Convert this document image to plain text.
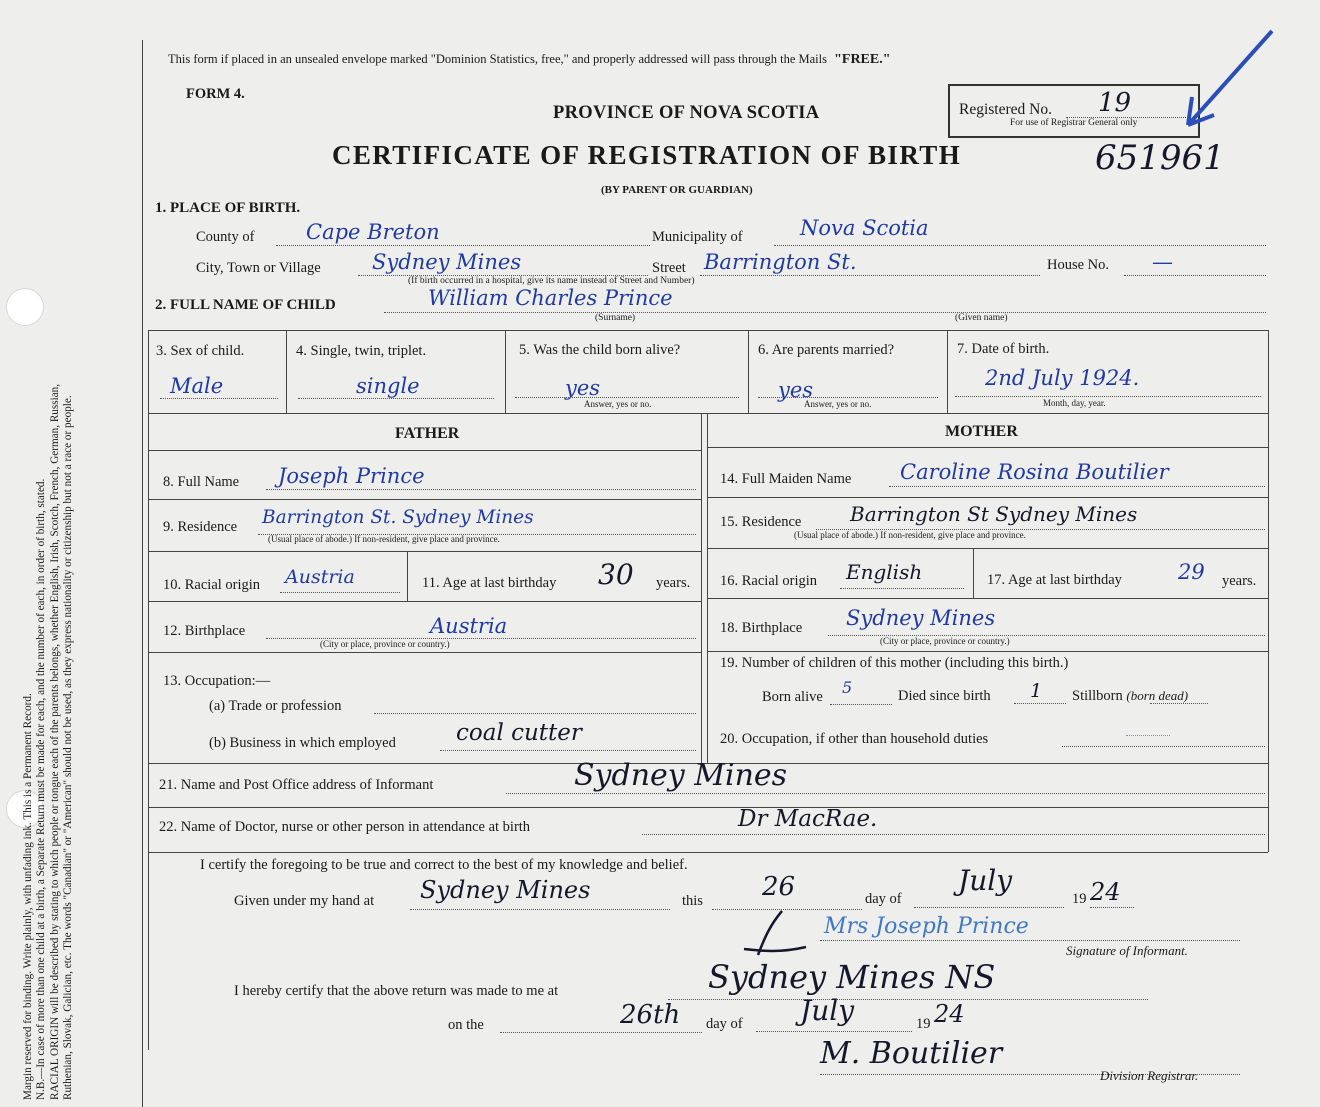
Margin reserved for binding. Write plainly, with unfading ink. This is a Permanent Record. N.B.—In case of more than one child at a birth, a Separate Return must be made for each, and the number of each, in order of birth, stated. RACIAL ORIGIN will be described by stating to which people or tongue each of the parents belongs, whether English, Irish, Scotch, French, German, Russian, Ruthenian, Slovak, Galician, etc. The words "Canadian" or "American" should not be used, as they express nationality or citizenship but not a race or people.
This form if placed in an unsealed envelope marked "Dominion Statistics, free," and properly addressed will pass through the Mails "FREE."
FORM 4.
PROVINCE OF NOVA SCOTIA
CERTIFICATE OF REGISTRATION OF BIRTH
(BY PARENT OR GUARDIAN)
Registered No. 19
For use of Registrar General only
651961
1. PLACE OF BIRTH.
County of Cape Breton	Municipality of	Nova Scotia
City, Town or Village Sydney Mines	Street Barrington St.	House No. —
(If birth occurred in a hospital, give its name instead of Street and Number)
2. FULL NAME OF CHILD	William Charles Prince
(Surname)	(Given name)
3. Sex of child.
Male
4. Single, twin, triplet.
single
5. Was the child born alive?
yes
Answer, yes or no.
6. Are parents married?
yes
Answer, yes or no.
7. Date of birth.
2nd July 1924.
Month, day, year.
FATHER	MOTHER
8. Full Name Joseph Prince
9. Residence Barrington St. Sydney Mines
(Usual place of abode.) If non-resident, give place and province.
10. Racial origin Austria	11. Age at last birthday 30 years.
12. Birthplace	Austria
(City or place, province or country.)
13. Occupation:—
(a) Trade or profession
(b) Business in which employed	coal cutter
14. Full Maiden Name Caroline Rosina Boutilier
15. Residence Barrington St Sydney Mines
(Usual place of abode.) If non-resident, give place and province.
16. Racial origin English	17. Age at last birthday	29 years.
18. Birthplace Sydney Mines
(City or place, province or country.)
19. Number of children of this mother (including this birth.)
Born alive 5	Died since birth 1 Stillborn (born dead)
20. Occupation, if other than household duties
21. Name and Post Office address of Informant	Sydney Mines
22. Name of Doctor, nurse or other person in attendance at birth	Dr MacRae.
I certify the foregoing to be true and correct to the best of my knowledge and belief.
Given under my hand at Sydney Mines	this 26	day of
July
19 24
Mrs Joseph Prince
Signature of Informant.
I hereby certify that the above return was made to me at	Sydney Mines NS
on the	26th day of July	19 24
M. Boutilier
Division Registrar.
